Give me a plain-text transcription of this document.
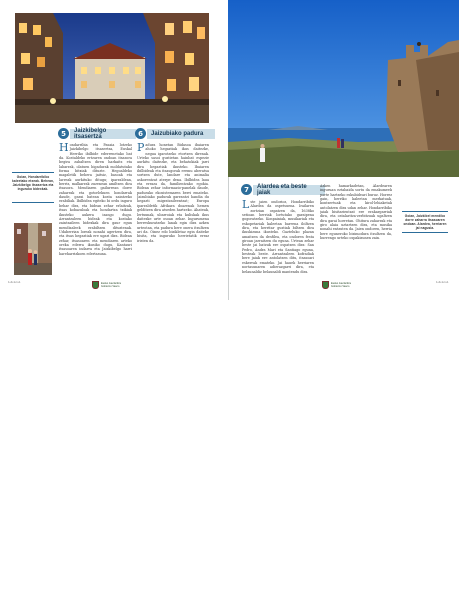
5	Jaizkibelgo itsasertza	6	Jaizubiako padura
H ondarribia eta Pasaia lotzeko Jaizkibelgo itsasertza, Euskal Herriko ibilbide ederrenetako bat da. Kostaldeko ertzaren ondoan itsasora begira zabaltzen diren harkaitz eta labarrak, olatuen higadurak moldatutako forma bitxiak dituzte. Hegoaldeko magaletik behera jaitsiz, basoak eta larreak aurkituko ditugu; iparraldean, berriz, malkarrak zuzenean amiltzen dira itsasora. Mendiaren gailurrean dorre zaharrak eta gotorlekuen hondarrak daude, garai batean kosta zaintzeko erabiliak. Ibilbidea egiteko bi ordu inguru behar dira, eta bidean zehar erlaitzak, itsas kobazuloak eta hondartza txikiak ikusteko aukera izango dugu. Arrantzaleen bideak eta kostako zaintzaileen bidexkak dira gaur egun mendizaleek erabiltzen dituztenak. Udaberrian loreak nonahi agertzen dira, eta itsas hegaztiak ere ugari dira. Bidean zehar, itsasoaren eta mendiaren arteko oreka ederra ikusiko dugu, Kantauri itsasoaren indarra eta Jaizkibelgo harri hareharrizkoen edertasuna.

P adura honetan Bidasoa ibaiaren ahoko hegaztiak ikus daitezke, negua igarotzeko etortzen direnak. Urteko sasoi guztietan hainbat espezie aurkitu daitezke, eta behatokiak jarri dira hegaztiak ikusteko. Ibaiaren ibilbideak eta itsasgorak eremu aberatsa sortzen dute, landare eta animalia askorentzat aterpe dena. Ibilbidea laua eta erraza da, familientzako egokia. Bidean zehar informazio-panelak daude, padurako ekosistemaren berri emateko. Jaizubiako padurak garrantzi handia du hegazti migratzaileentzat; Europa iparraldetik Afrikara doazenak hemen gelditzen dira atseden hartzeko. Ahateak, lertxunak, ubarroiak eta kuliskak ikus daitezke urte osoan zehar. Ingurumena berreskuratzeko lanak egin dira azken urteotan, eta padura bere onera itzultzen ari da. Oinez edo bizikletaz egin daiteke bisita, eta inguruko herrietatik erraz iristen da.

Goian, Hondarribiko kaleetako etxeak. Behean, Jaizkibelgo itsasertza eta inguruko bidexkak.
1•4•1•1•1	Eusko Jaurlaritza Gobierno Vasco
7	Alardea eta beste jaiak
L ste jaien ondorioz, Hondarribiko Alardea da ospetsuena. Irailaren zortzian ospatzen da, 1638ko setioan herriak lortutako garaipena gogoratzeko. Konpainiak, musikariak eta eskopetariak kaleetan barrena ibiltzen dira, eta herritar guztiak biltzen dira ikuskizuna ikusteko. Gazteluko plazan amaitzen da desfilea, eta ondoren festa giroan jarraitzen du eguna. Urtean zehar beste jai batzuk ere ospatzen dira: San Pedro, Andra Mari eta Santiago eguna, besteak beste. Arrantzaleen kofradiak bere jaiak ere antolatzen ditu, itsasoari eskerrak emateko. Jai hauek herriaren nortasunaren adierazgarri dira, eta belaunaldiz belaunaldi mantendu dira.

Azken hamarkadetan, Alardearen inguruan eztabaida sortu da emakumeek parte hartzeko eskubideari buruz. Horrez gain, herriko kaleetan merkatuak, kontzertuak eta kirol-lehiaketak antolatzen dira udan zehar. Hondarribiko jaiak bisitarientzat ere erakargarriak dira, eta ostalaritza-zerbitzuak ugaltzen dira garai horretan. Ohitura zaharrak eta giro alaia uztartzen dira, eta musika nonahi entzuten da. Jaien ondoren, herria bere eguneroko bizimodura itzultzen da, hurrengo urteko ospakizunen zain.

Goian, Jaizkibel mendiko dorre zaharra itsasoaren ondoan. Alardea, herriaren jai nagusia.
Eusko Jaurlaritza Gobierno Vasco
1•4•1•1•1
